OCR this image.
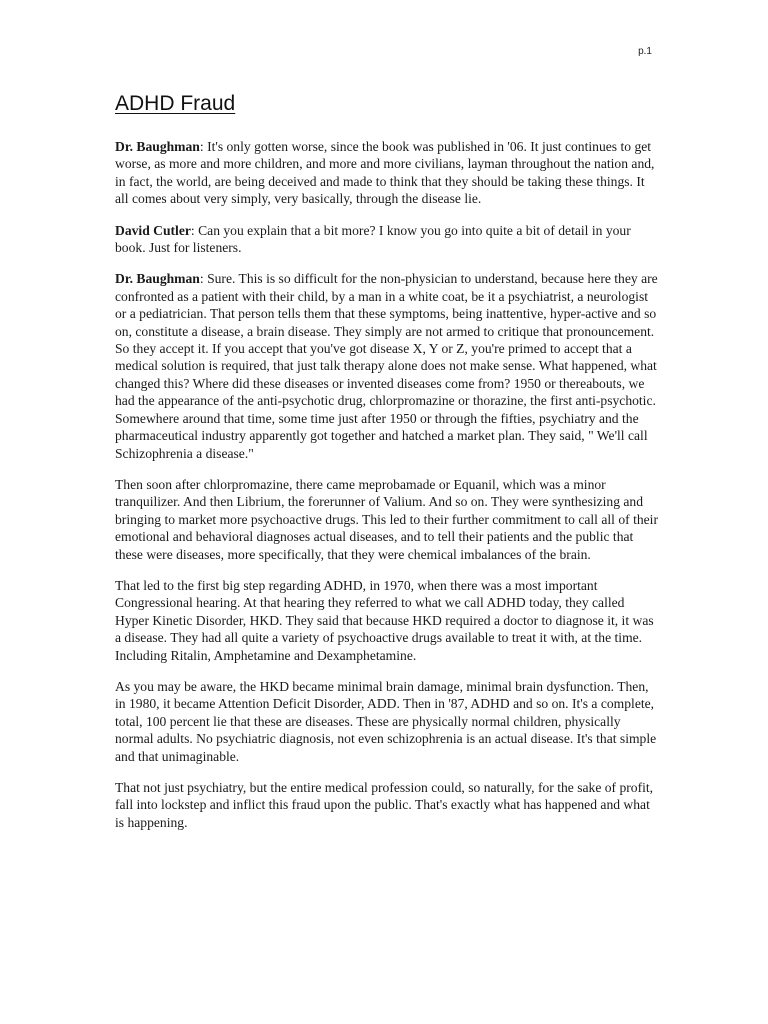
p.1
ADHD Fraud

Dr. Baughman: It's only gotten worse, since the book was published in '06. It just continues to get worse, as more and more children, and more and more civilians, layman throughout the nation and, in fact, the world, are being deceived and made to think that they should be taking these things. It all comes about very simply, very basically, through the disease lie.

David Cutler: Can you explain that a bit more? I know you go into quite a bit of detail in your book. Just for listeners.

Dr. Baughman: Sure. This is so difficult for the non-physician to understand, because here they are confronted as a patient with their child, by a man in a white coat, be it a psychiatrist, a neurologist or a pediatrician. That person tells them that these symptoms, being inattentive, hyper-active and so on, constitute a disease, a brain disease. They simply are not armed to critique that pronouncement. So they accept it. If you accept that you've got disease X, Y or Z, you're primed to accept that a medical solution is required, that just talk therapy alone does not make sense. What happened, what changed this? Where did these diseases or invented diseases come from? 1950 or thereabouts, we had the appearance of the anti-psychotic drug, chlorpromazine or thorazine, the first anti-psychotic. Somewhere around that time, some time just after 1950 or through the fifties, psychiatry and the pharmaceutical industry apparently got together and hatched a market plan. They said, " We'll call Schizophrenia a disease."

Then soon after chlorpromazine, there came meprobamade or Equanil, which was a minor tranquilizer. And then Librium, the forerunner of Valium. And so on. They were synthesizing and bringing to market more psychoactive drugs. This led to their further commitment to call all of their emotional and behavioral diagnoses actual diseases, and to tell their patients and the public that these were diseases, more specifically, that they were chemical imbalances of the brain.

That led to the first big step regarding ADHD, in 1970, when there was a most important Congressional hearing. At that hearing they referred to what we call ADHD today, they called Hyper Kinetic Disorder, HKD. They said that because HKD required a doctor to diagnose it, it was a disease. They had all quite a variety of psychoactive drugs available to treat it with, at the time. Including Ritalin, Amphetamine and Dexamphetamine.

As you may be aware, the HKD became minimal brain damage, minimal brain dysfunction. Then, in 1980, it became Attention Deficit Disorder, ADD. Then in '87, ADHD and so on. It's a complete, total, 100 percent lie that these are diseases. These are physically normal children, physically normal adults. No psychiatric diagnosis, not even schizophrenia is an actual disease. It's that simple and that unimaginable.

That not just psychiatry, but the entire medical profession could, so naturally, for the sake of profit, fall into lockstep and inflict this fraud upon the public. That's exactly what has happened and what is happening.
